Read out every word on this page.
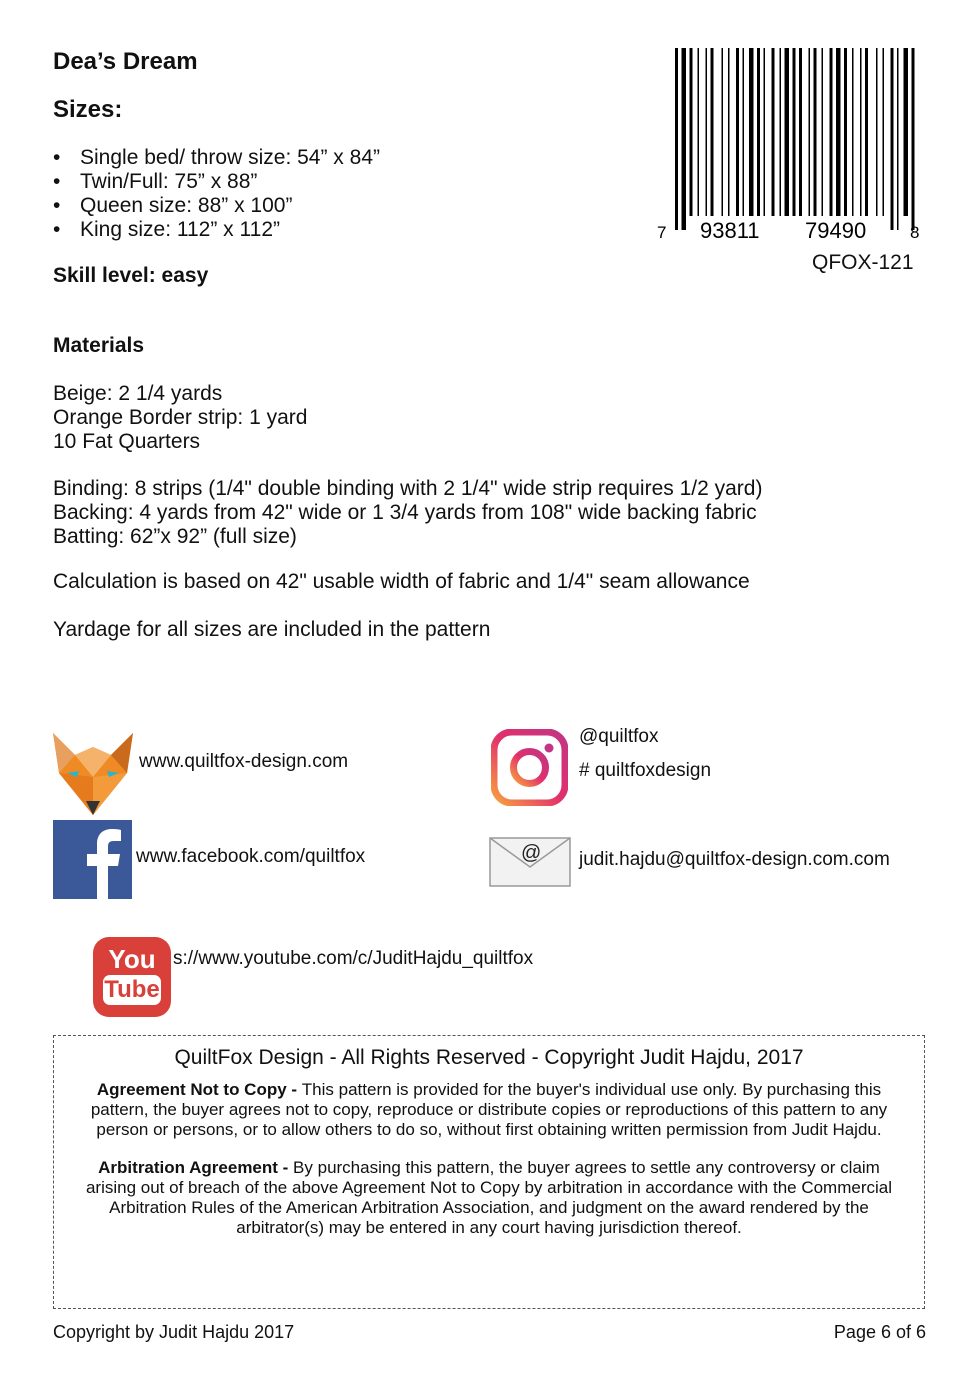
Dea’s Dream
Sizes:
• Single bed/ throw size: 54” x 84”
• Twin/Full: 75” x 88”
• Queen size: 88” x 100”
• King size: 112” x 112”
Skill level: easy
Materials
Beige: 2 1/4 yards
Orange Border strip: 1 yard
10 Fat Quarters
Binding: 8 strips (1/4" double binding with 2 1/4" wide strip requires 1/2 yard)
Backing: 4 yards from 42" wide or 1 3/4 yards from 108" wide backing fabric
Batting: 62”x 92” (full size)
Calculation is based on 42" usable width of fabric and 1/4" seam allowance
Yardage for all sizes are included in the pattern
7 93811 79490	8
QFOX-121
www.quiltfox-design.com
www.facebook.com/quiltfox
You
Tube
s://www.youtube.com/c/JuditHajdu_quiltfox
@quiltfox
# quiltfoxdesign
@ judit.hajdu@quiltfox-design.com.com
QuiltFox Design - All Rights Reserved - Copyright Judit Hajdu, 2017

Agreement Not to Copy - This pattern is provided for the buyer's individual use only. By purchasing this pattern, the buyer agrees not to copy, reproduce or distribute copies or reproductions of this pattern to any person or persons, or to allow others to do so, without first obtaining written permission from Judit Hajdu.

Arbitration Agreement - By purchasing this pattern, the buyer agrees to settle any controversy or claim arising out of breach of the above Agreement Not to Copy by arbitration in accordance with the Commercial Arbitration Rules of the American Arbitration Association, and judgment on the award rendered by the arbitrator(s) may be entered in any court having jurisdiction thereof.

Copyright by Judit Hajdu 2017	Page 6 of 6
